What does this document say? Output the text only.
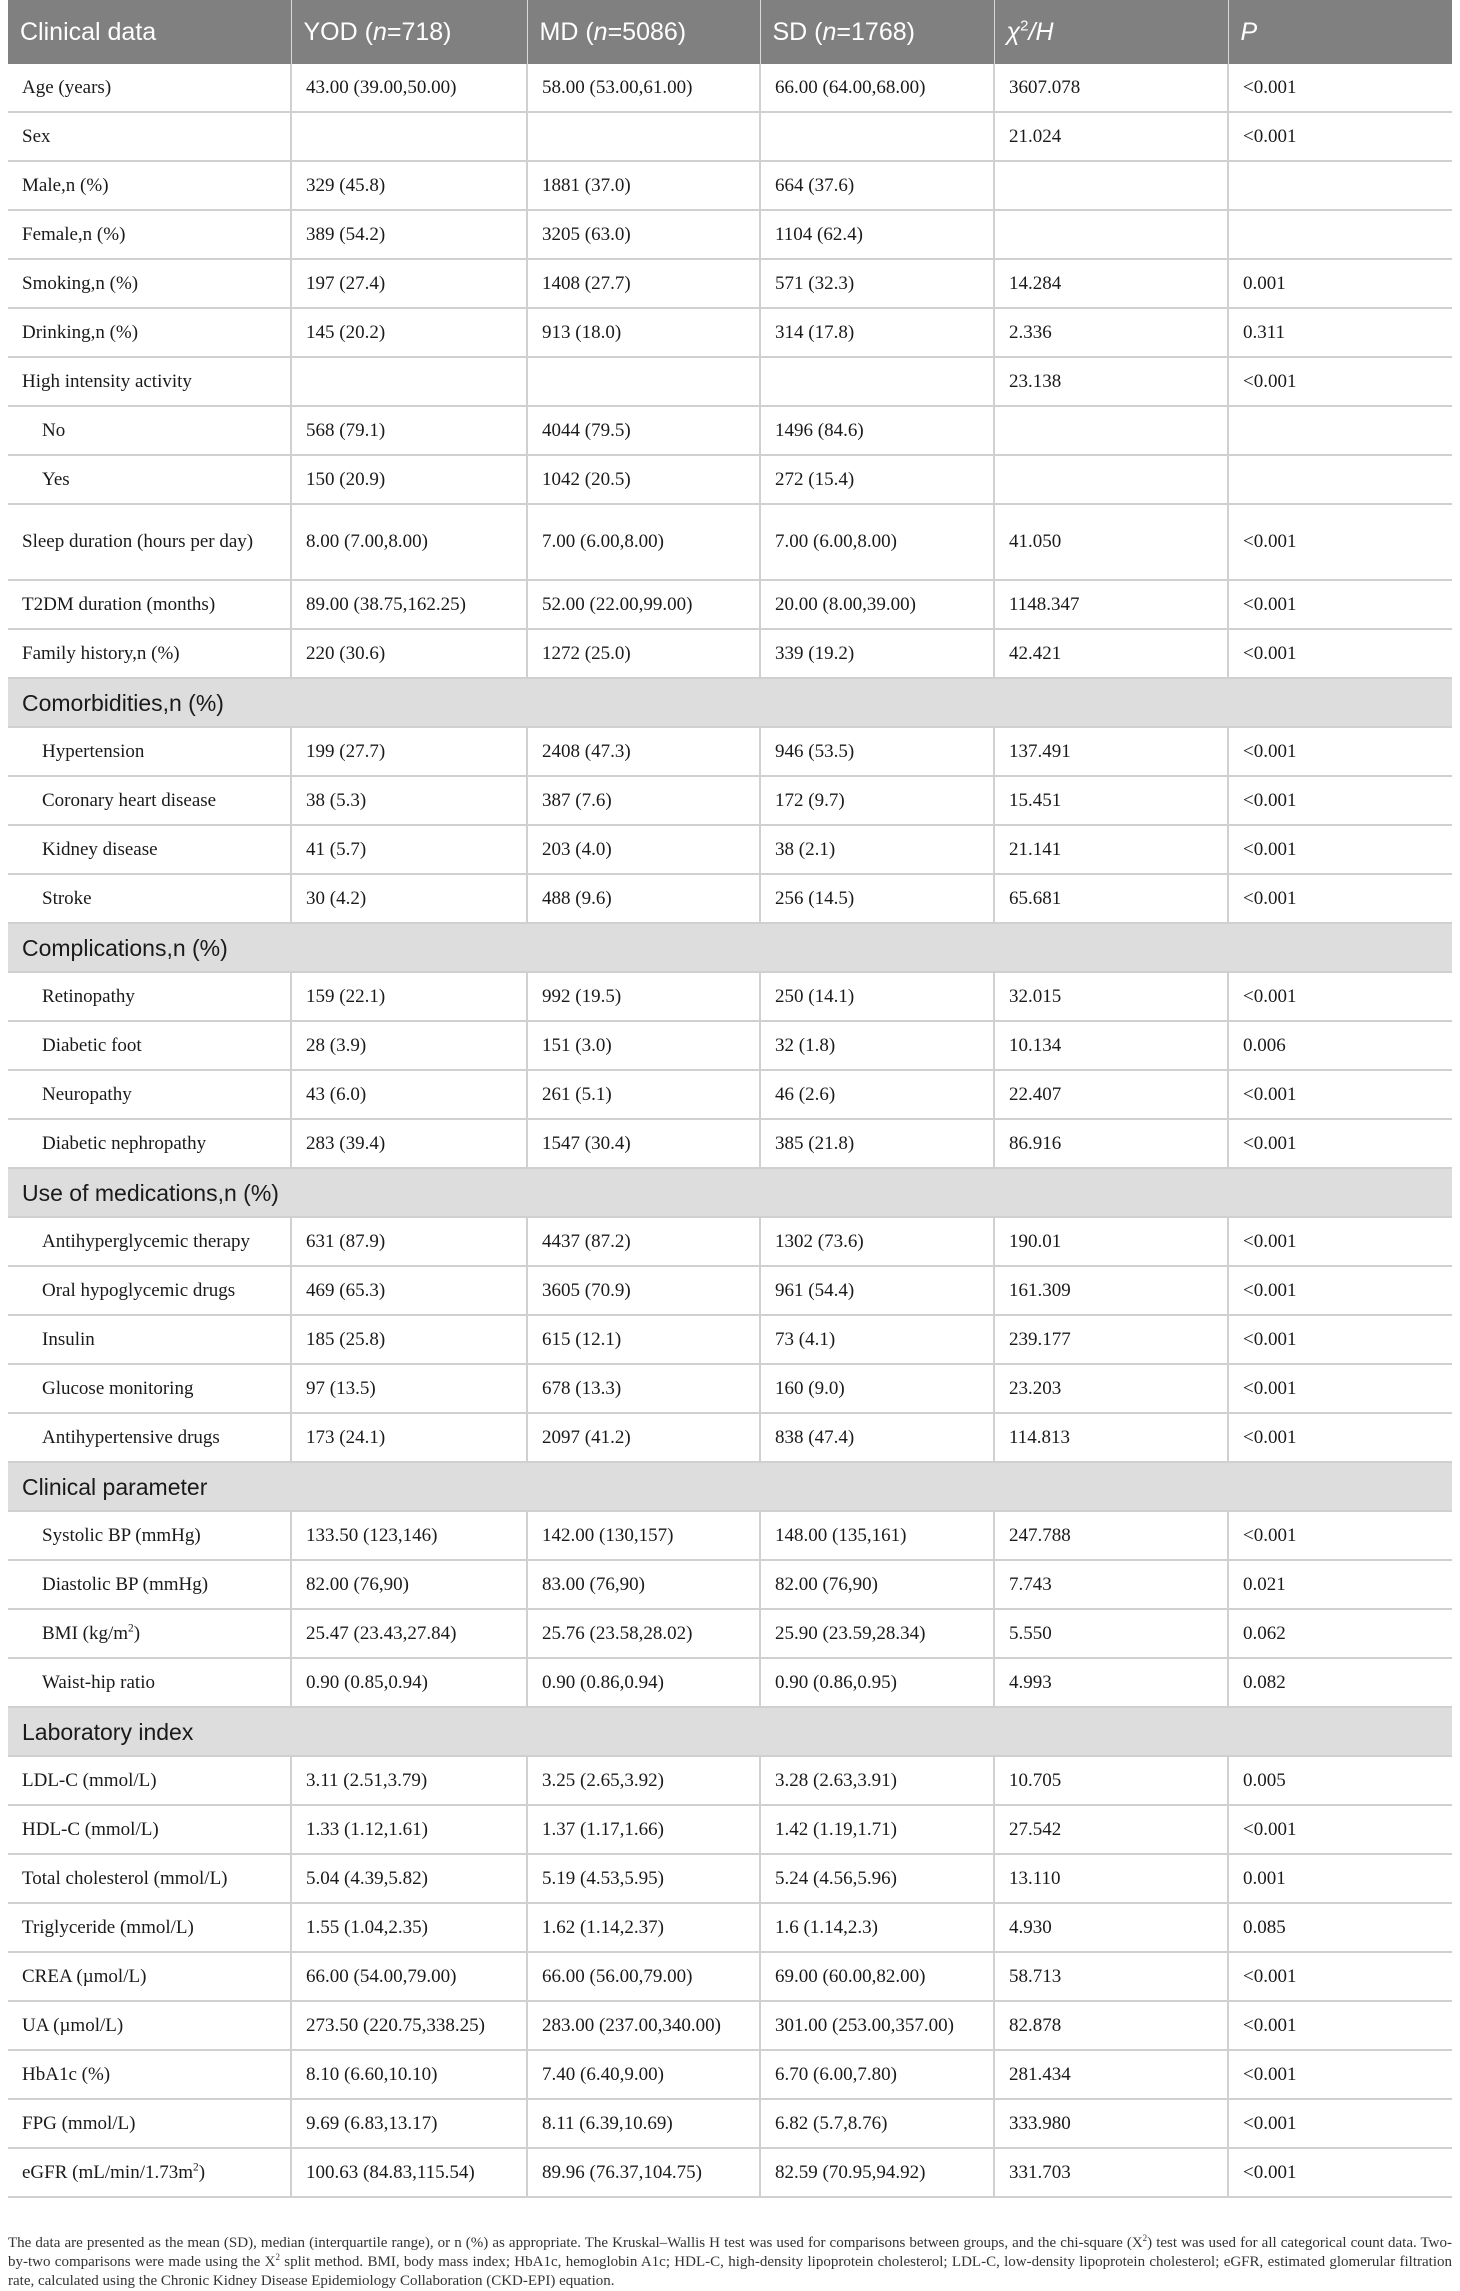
Clinical data	YOD (n=718)	MD (n=5086)	SD (n=1768)	$\chi^2/H$	P
Age (years)	43.00 (39.00,50.00)	58.00 (53.00,61.00)	66.00 (64.00,68.00)	3607.078	<0.001
Sex				21.024	<0.001
Male,n (%)	329 (45.8)	1881 (37.0)	664 (37.6)		
Female,n (%)	389 (54.2)	3205 (63.0)	1104 (62.4)		
Smoking,n (%)	197 (27.4)	1408 (27.7)	571 (32.3)	14.284	0.001
Drinking,n (%)	145 (20.2)	913 (18.0)	314 (17.8)	2.336	0.311
High intensity activity				23.138	<0.001
No	568 (79.1)	4044 (79.5)	1496 (84.6)		
Yes	150 (20.9)	1042 (20.5)	272 (15.4)		
Sleep duration (hours per day)	8.00 (7.00,8.00)	7.00 (6.00,8.00)	7.00 (6.00,8.00)	41.050	<0.001
T2DM duration (months)	89.00 (38.75,162.25)	52.00 (22.00,99.00)	20.00 (8.00,39.00)	1148.347	<0.001
Family history,n (%)	220 (30.6)	1272 (25.0)	339 (19.2)	42.421	<0.001
Comorbidities,n (%)					
Hypertension	199 (27.7)	2408 (47.3)	946 (53.5)	137.491	<0.001
Coronary heart disease	38 (5.3)	387 (7.6)	172 (9.7)	15.451	<0.001
Kidney disease	41 (5.7)	203 (4.0)	38 (2.1)	21.141	<0.001
Stroke	30 (4.2)	488 (9.6)	256 (14.5)	65.681	<0.001
Complications,n (%)					
Retinopathy	159 (22.1)	992 (19.5)	250 (14.1)	32.015	<0.001
Diabetic foot	28 (3.9)	151 (3.0)	32 (1.8)	10.134	0.006
Neuropathy	43 (6.0)	261 (5.1)	46 (2.6)	22.407	<0.001
Diabetic nephropathy	283 (39.4)	1547 (30.4)	385 (21.8)	86.916	<0.001
Use of medications,n (%)					
Antihyperglycemic therapy	631 (87.9)	4437 (87.2)	1302 (73.6)	190.01	<0.001
Oral hypoglycemic drugs	469 (65.3)	3605 (70.9)	961 (54.4)	161.309	<0.001
Insulin	185 (25.8)	615 (12.1)	73 (4.1)	239.177	<0.001
Glucose monitoring	97 (13.5)	678 (13.3)	160 (9.0)	23.203	<0.001
Antihypertensive drugs	173 (24.1)	2097 (41.2)	838 (47.4)	114.813	<0.001
Clinical parameter					
Systolic BP (mmHg)	133.50 (123,146)	142.00 (130,157)	148.00 (135,161)	247.788	<0.001
Diastolic BP (mmHg)	82.00 (76,90)	83.00 (76,90)	82.00 (76,90)	7.743	0.021
BMI $(kg/m^2)$	25.47 (23.43,27.84)	25.76 (23.58,28.02)	25.90 (23.59,28.34)	5.550	0.062
Waist-hip ratio	0.90 (0.85,0.94)	0.90 (0.86,0.94)	0.90 (0.86,0.95)	4.993	0.082
Laboratory index					
LDL-C (mmol/L)	3.11 (2.51,3.79)	3.25 (2.65,3.92)	3.28 (2.63,3.91)	10.705	0.005
HDL-C (mmol/L)	1.33 (1.12,1.61)	1.37 (1.17,1.66)	1.42 (1.19,1.71)	27.542	<0.001
Total cholesterol (mmol/L)	5.04 (4.39,5.82)	5.19 (4.53,5.95)	5.24 (4.56,5.96)	13.110	0.001
Triglyceride (mmol/L)	1.55 (1.04,2.35)	1.62 (1.14,2.37)	1.6 (1.14,2.3)	4.930	0.085
CREA (µmol/L)	66.00 (54.00,79.00)	66.00 (56.00,79.00)	69.00 (60.00,82.00)	58.713	<0.001
UA (µmol/L)	273.50 (220.75,338.25)	283.00 (237.00,340.00)	301.00 (253.00,357.00)	82.878	<0.001
HbA1c (%)	8.10 (6.60,10.10)	7.40 (6.40,9.00)	6.70 (6.00,7.80)	281.434	<0.001
FPG (mmol/L)	9.69 (6.83,13.17)	8.11 (6.39,10.69)	6.82 (5.7,8.76)	333.980	<0.001
eGFR $(mL/\min/1.73m^2)$	100.63 (84.83,115.54)	89.96 (76.37,104.75)	82.59 (70.95,94.92)	331.703	<0.001
The data are presented as the mean (SD), median (interquartile range), or n (%) as appropriate. The Kruskal–Wallis H test was used for comparisons between groups, and the chi-square $(X^2)$ test was used for all categorical count data. Two-by-two comparisons were made using the $X^2$ split method. BMI, body mass index; HbA1c, hemoglobin A1c; HDL-C, high-density lipoprotein cholesterol; LDL-C, low-density lipoprotein cholesterol; eGFR, estimated glomerular filtration rate, calculated using the Chronic Kidney Disease Epidemiology Collaboration (CKD-EPI) equation.
